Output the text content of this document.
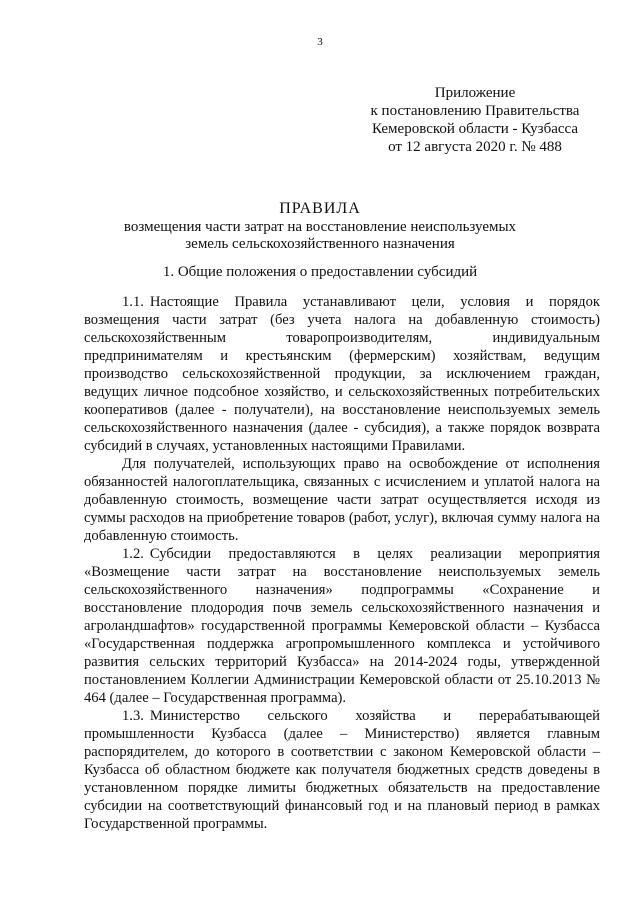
3
Приложение
к постановлению Правительства
Кемеровской области - Кузбасса
от 12 августа 2020 г. № 488
ПРАВИЛА
возмещения части затрат на восстановление неиспользуемых
земель сельскохозяйственного назначения
1. Общие положения о предоставлении субсидий

1.1. Настоящие Правила устанавливают цели, условия и порядок возмещения части затрат (без учета налога на добавленную стоимость) сельскохозяйственным товаропроизводителям, индивидуальным предпринимателям и крестьянским (фермерским) хозяйствам, ведущим производство сельскохозяйственной продукции, за исключением граждан, ведущих личное подсобное хозяйство, и сельскохозяйственных потребительских кооперативов (далее - получатели), на восстановление неиспользуемых земель сельскохозяйственного назначения (далее - субсидия), а также порядок возврата субсидий в случаях, установленных настоящими Правилами.

Для получателей, использующих право на освобождение от исполнения обязанностей налогоплательщика, связанных с исчислением и уплатой налога на добавленную стоимость, возмещение части затрат осуществляется исходя из суммы расходов на приобретение товаров (работ, услуг), включая сумму налога на добавленную стоимость.

1.2. Субсидии предоставляются в целях реализации мероприятия «Возмещение части затрат на восстановление неиспользуемых земель сельскохозяйственного назначения» подпрограммы «Сохранение и восстановление плодородия почв земель сельскохозяйственного назначения и агроландшафтов» государственной программы Кемеровской области – Кузбасса «Государственная поддержка агропромышленного комплекса и устойчивого развития сельских территорий Кузбасса» на 2014-2024 годы, утвержденной постановлением Коллегии Администрации Кемеровской области от 25.10.2013 № 464 (далее – Государственная программа).

1.3. Министерство сельского хозяйства и перерабатывающей промышленности Кузбасса (далее – Министерство) является главным распорядителем, до которого в соответствии с законом Кемеровской области – Кузбасса об областном бюджете как получателя бюджетных средств доведены в установленном порядке лимиты бюджетных обязательств на предоставление субсидии на соответствующий финансовый год и на плановый период в рамках Государственной программы.
